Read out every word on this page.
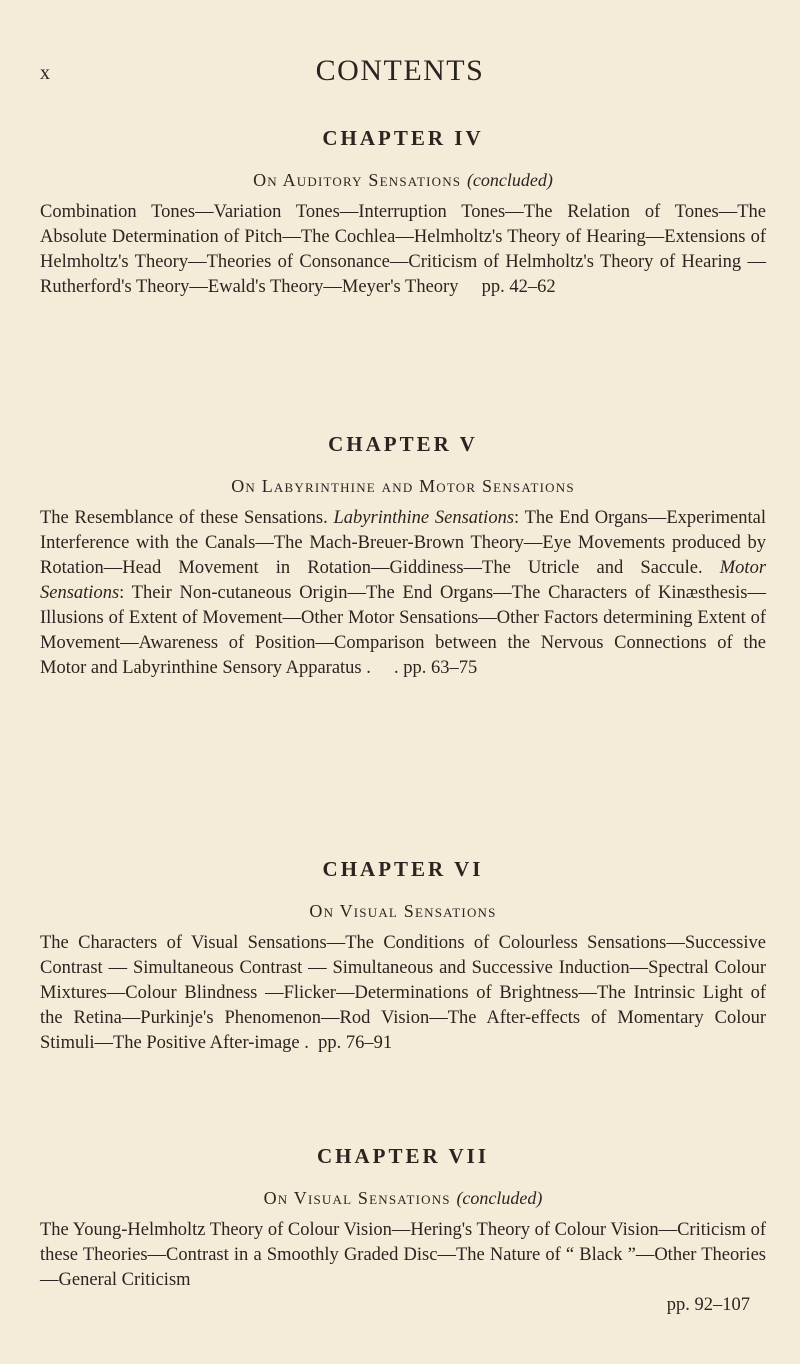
x	CONTENTS
CHAPTER IV

On Auditory Sensations (concluded)

Combination Tones—Variation Tones—Interruption Tones—The Relation of Tones—The Absolute Determination of Pitch—The Cochlea—Helmholtz's Theory of Hearing—Extensions of Helmholtz's Theory—Theories of Consonance—Criticism of Helmholtz's Theory of Hearing —Rutherford's Theory—Ewald's Theory—Meyer's Theory pp. 42–62

CHAPTER V

On Labyrinthine and Motor Sensations

The Resemblance of these Sensations. Labyrinthine Sensations: The End Organs—Experimental Interference with the Canals—The Mach-Breuer-Brown Theory—Eye Movements produced by Rotation—Head Movement in Rotation—Giddiness—The Utricle and Saccule. Motor Sensations: Their Non-cutaneous Origin—The End Organs—The Characters of Kinæsthesis—Illusions of Extent of Movement—Other Motor Sensations—Other Factors determining Extent of Movement—Awareness of Position—Comparison between the Nervous Connections of the Motor and Labyrinthine Sensory Apparatus . . pp. 63–75

CHAPTER VI

On Visual Sensations

The Characters of Visual Sensations—The Conditions of Colourless Sensations—Successive Contrast — Simultaneous Contrast — Simultaneous and Successive Induction—Spectral Colour Mixtures—Colour Blindness —Flicker—Determinations of Brightness—The Intrinsic Light of the Retina—Purkinje's Phenomenon—Rod Vision—The After-effects of Momentary Colour Stimuli—The Positive After-image . pp. 76–91

CHAPTER VII

On Visual Sensations (concluded)

The Young-Helmholtz Theory of Colour Vision—Hering's Theory of Colour Vision—Criticism of these Theories—Contrast in a Smoothly Graded Disc—The Nature of “ Black ”—Other Theories—General Criticism
pp. 92–107
